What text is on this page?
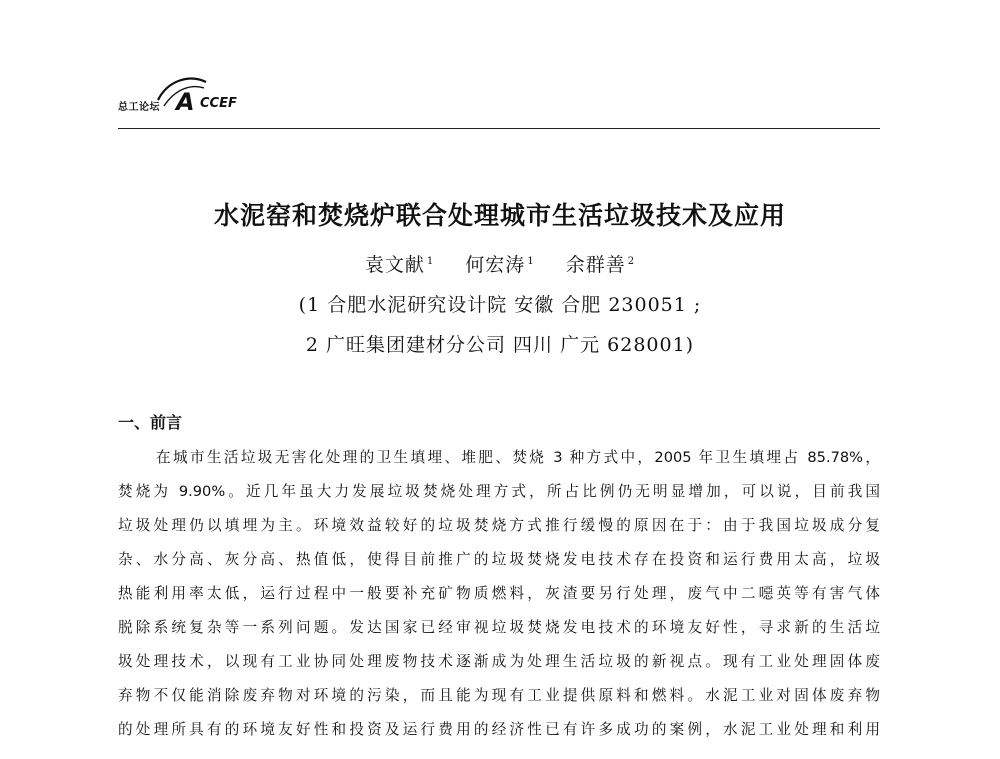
总工论坛 A CCEF
水泥窑和焚烧炉联合处理城市生活垃圾技术及应用
袁文献 $^1$ 何宏涛 $^1$ 余群善 $^2$
(1 合肥水泥研究设计院 安徽 合肥 230051 ;
2 广旺集团建材分公司 四川 广元 628001)
一、前言
在城市生活垃圾无害化处理的卫生填埋、堆肥、焚烧 3 种方式中，2005 年卫生填埋占 85.78%，
焚烧为 9.90%。近几年虽大力发展垃圾焚烧处理方式，所占比例仍无明显增加，可以说，目前我国
垃圾处理仍以填埋为主。环境效益较好的垃圾焚烧方式推行缓慢的原因在于：由于我国垃圾成分复
杂、水分高、灰分高、热值低，使得目前推广的垃圾焚烧发电技术存在投资和运行费用太高，垃圾
热能利用率太低，运行过程中一般要补充矿物质燃料，灰渣要另行处理，废气中二噁英等有害气体
脱除系统复杂等一系列问题。发达国家已经审视垃圾焚烧发电技术的环境友好性，寻求新的生活垃
圾处理技术，以现有工业协同处理废物技术逐渐成为处理生活垃圾的新视点。现有工业处理固体废
弃物不仅能消除废弃物对环境的污染，而且能为现有工业提供原料和燃料。水泥工业对固体废弃物
的处理所具有的环境友好性和投资及运行费用的经济性已有许多成功的案例，水泥工业处理和利用
